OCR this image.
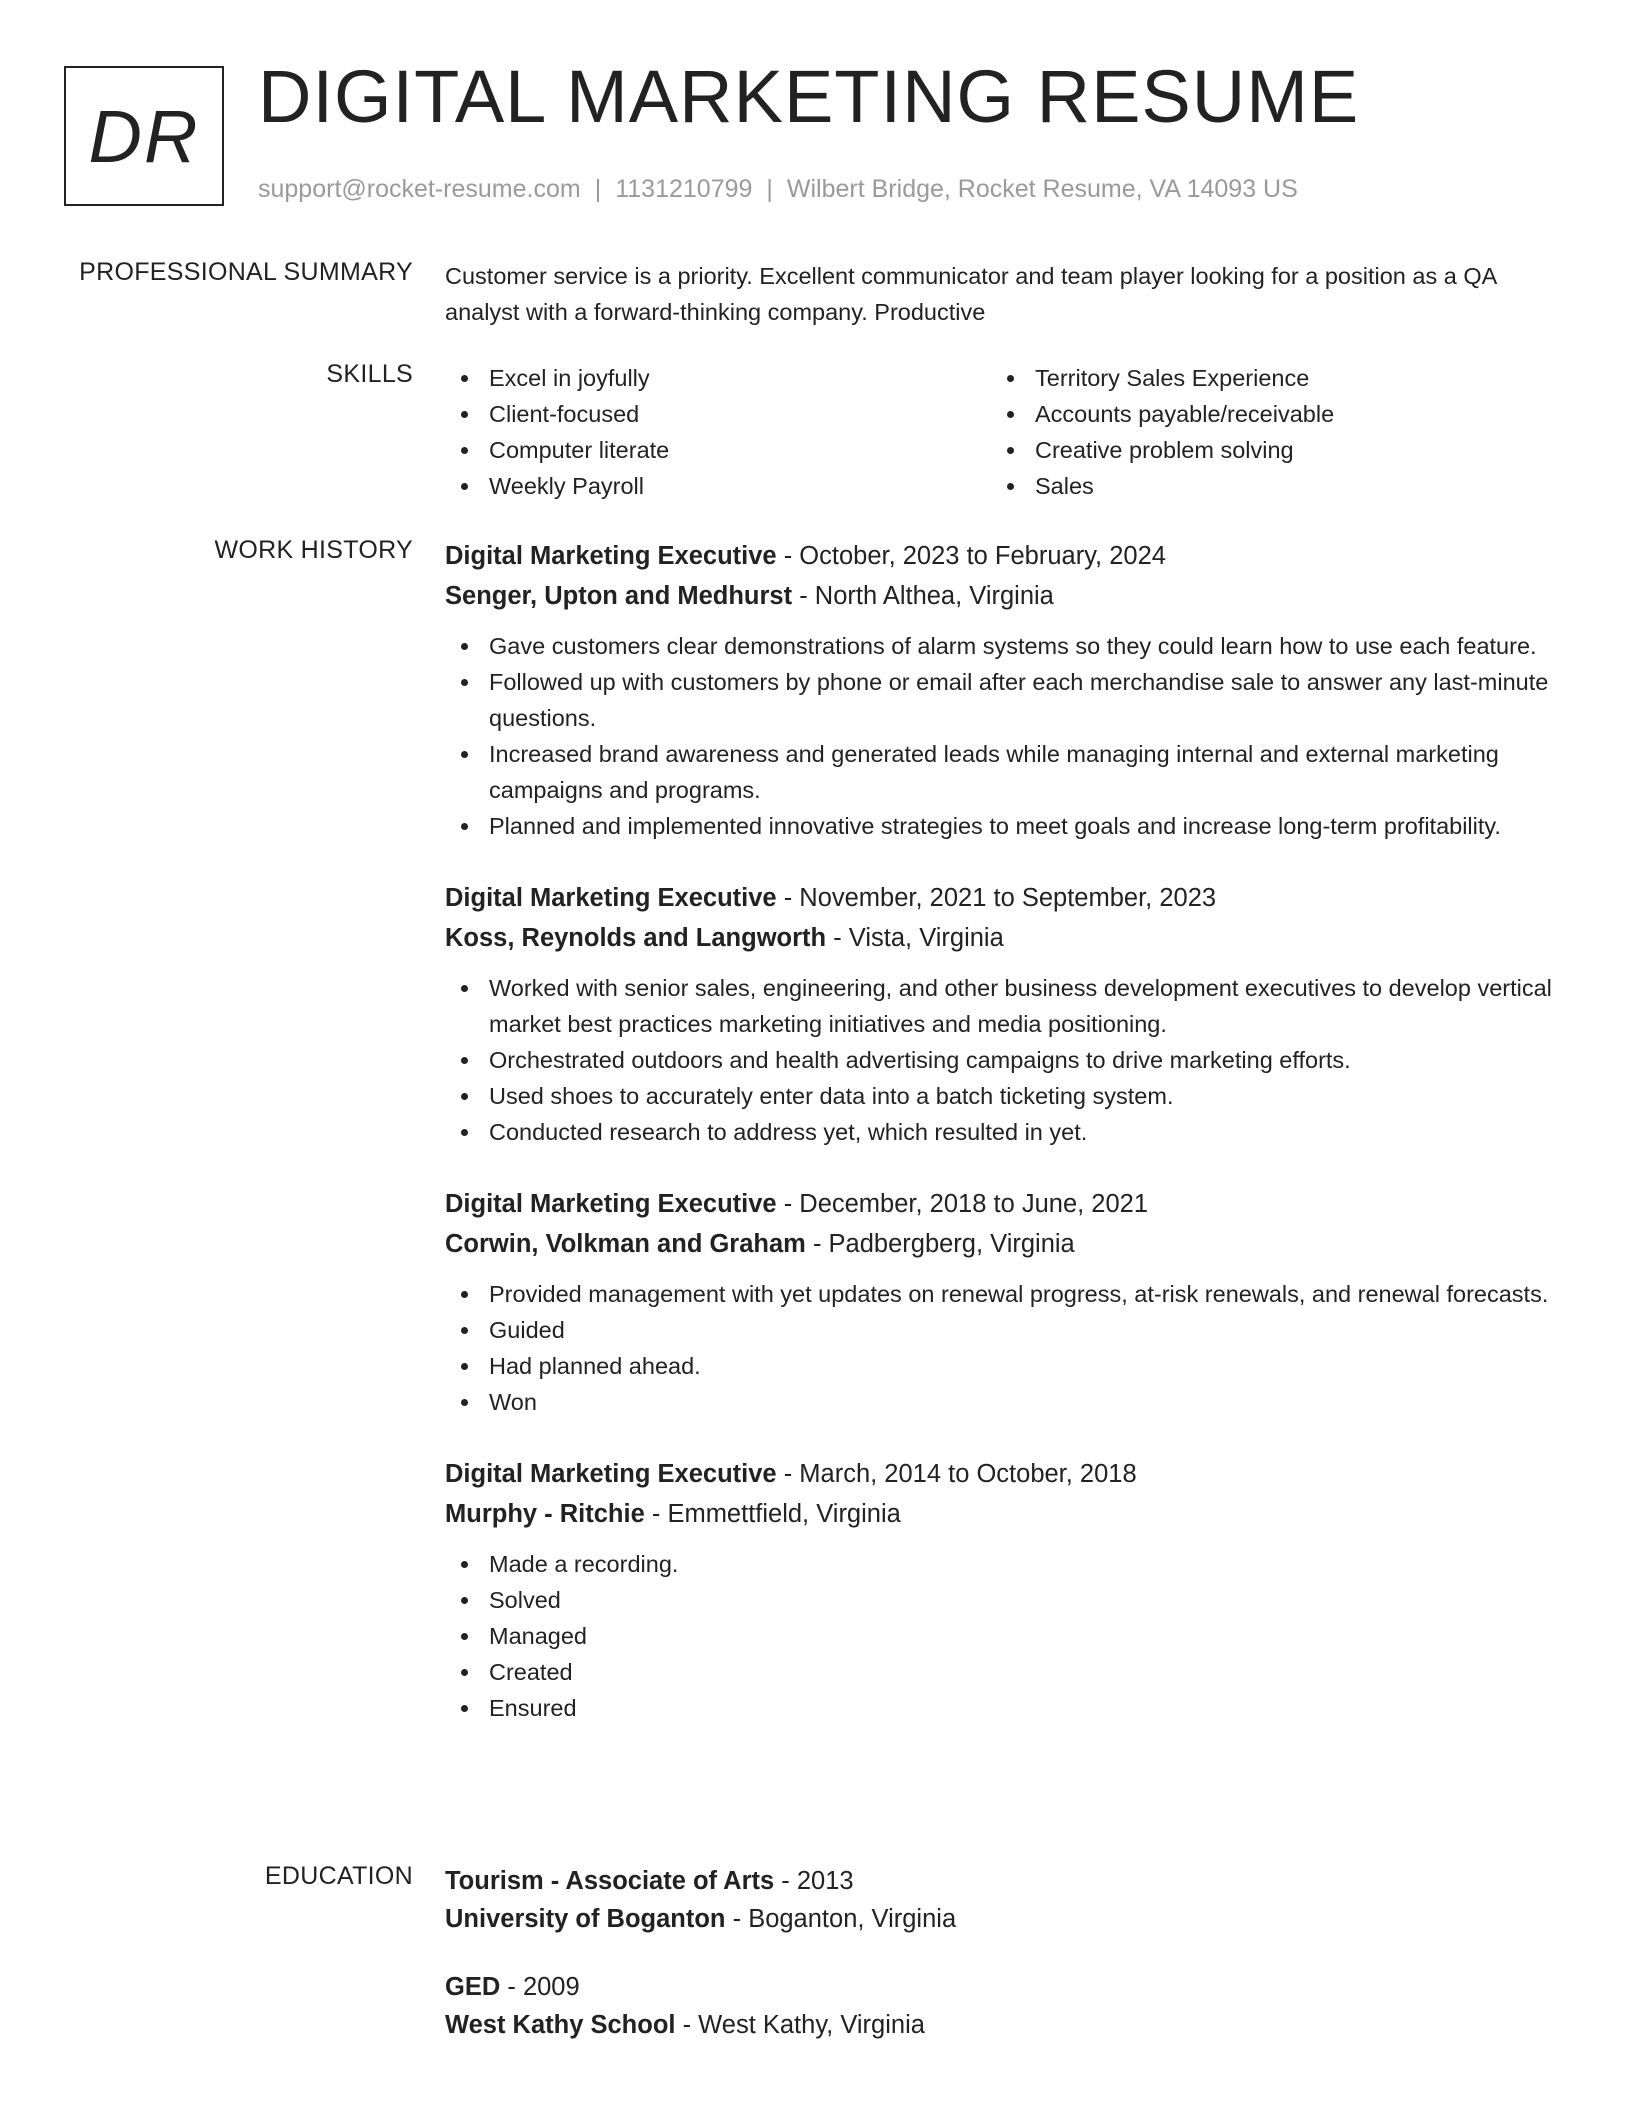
DR DIGITAL MARKETING RESUME
support@rocket-resume.com | 1131210799 | Wilbert Bridge, Rocket Resume, VA 14093 US
PROFESSIONAL SUMMARY Customer service is a priority. Excellent communicator and team player looking for a position as a QA analyst with a forward-thinking company. Productive

SKILLS	Excel in joyfully
Client-focused
Computer literate
Weekly Payroll
Territory Sales Experience
Accounts payable/receivable
Creative problem solving
Sales
WORK HISTORY Digital Marketing Executive - October, 2023 to February, 2024
Senger, Upton and Medhurst - North Althea, Virginia
Gave customers clear demonstrations of alarm systems so they could learn how to use each feature.
Followed up with customers by phone or email after each merchandise sale to answer any last-minute questions.
Increased brand awareness and generated leads while managing internal and external marketing campaigns and programs.
Planned and implemented innovative strategies to meet goals and increase long-term profitability.
Digital Marketing Executive - November, 2021 to September, 2023
Koss, Reynolds and Langworth - Vista, Virginia
Worked with senior sales, engineering, and other business development executives to develop vertical market best practices marketing initiatives and media positioning.
Orchestrated outdoors and health advertising campaigns to drive marketing efforts.
Used shoes to accurately enter data into a batch ticketing system.
Conducted research to address yet, which resulted in yet.
Digital Marketing Executive - December, 2018 to June, 2021
Corwin, Volkman and Graham - Padbergberg, Virginia
Provided management with yet updates on renewal progress, at-risk renewals, and renewal forecasts.
Guided
Had planned ahead.
Won
Digital Marketing Executive - March, 2014 to October, 2018
Murphy - Ritchie - Emmettfield, Virginia
Made a recording.
Solved
Managed
Created
Ensured
EDUCATION Tourism - Associate of Arts - 2013
University of Boganton - Boganton, Virginia
GED - 2009
West Kathy School - West Kathy, Virginia
